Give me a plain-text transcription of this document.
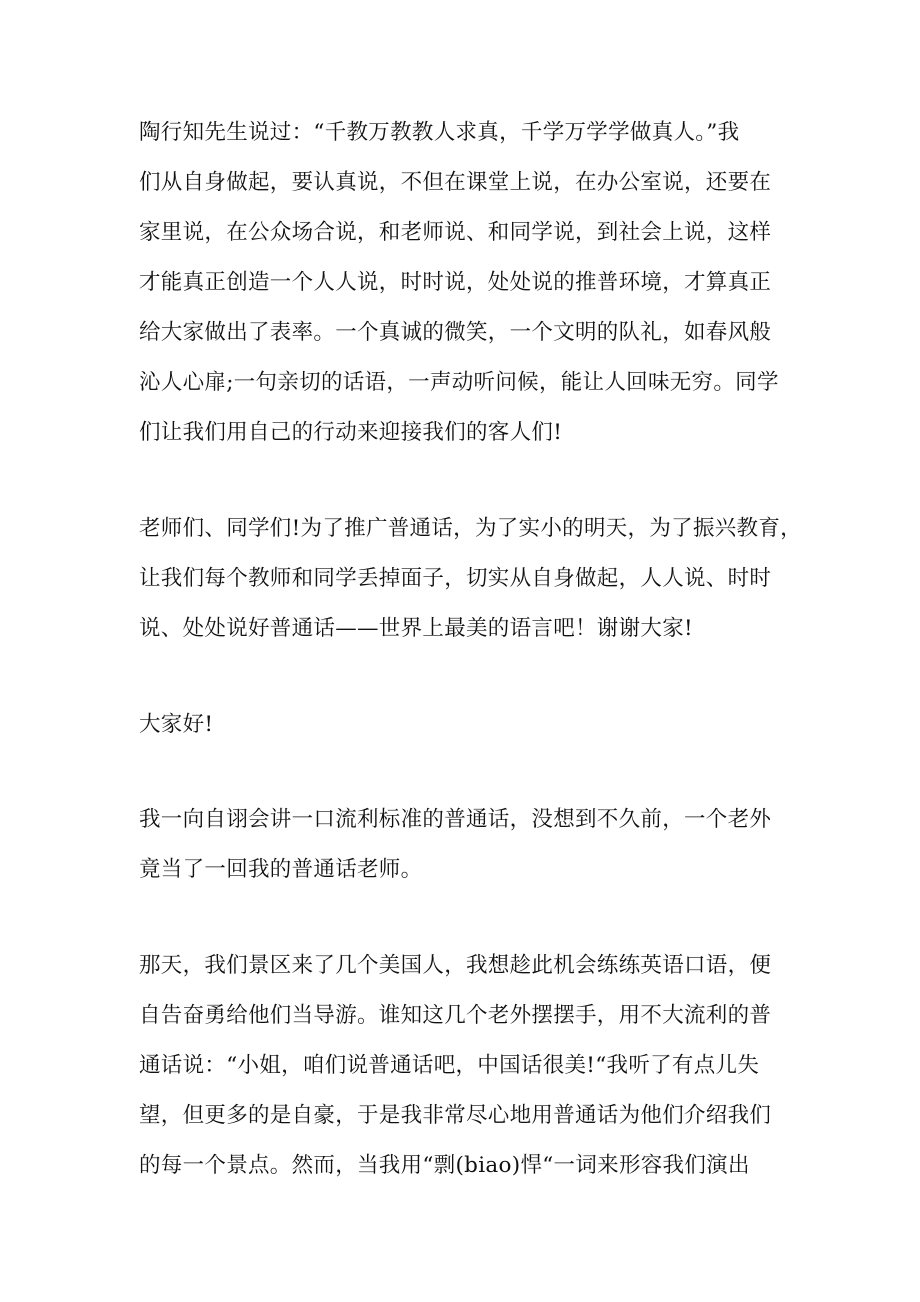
陶行知先生说过：“千教万教教人求真，千学万学学做真人。”我

们从自身做起，要认真说，不但在课堂上说，在办公室说，还要在

家里说，在公众场合说，和老师说、和同学说，到社会上说，这样

才能真正创造一个人人说，时时说，处处说的推普环境，才算真正

给大家做出了表率。一个真诚的微笑，一个文明的队礼，如春风般

沁人心扉;一句亲切的话语，一声动听问候，能让人回味无穷。同学

们让我们用自己的行动来迎接我们的客人们!

老师们、同学们!为了推广普通话，为了实小的明天，为了振兴教育，

让我们每个教师和同学丢掉面子，切实从自身做起，人人说、时时

说、处处说好普通话——世界上最美的语言吧！谢谢大家!

大家好!

我一向自诩会讲一口流利标准的普通话，没想到不久前，一个老外

竟当了一回我的普通话老师。

那天，我们景区来了几个美国人，我想趁此机会练练英语口语，便

自告奋勇给他们当导游。谁知这几个老外摆摆手，用不大流利的普

通话说：“小姐，咱们说普通话吧，中国话很美!“我听了有点儿失

望，但更多的是自豪，于是我非常尽心地用普通话为他们介绍我们

的每一个景点。然而，当我用“剽(biao)悍“一词来形容我们演出
